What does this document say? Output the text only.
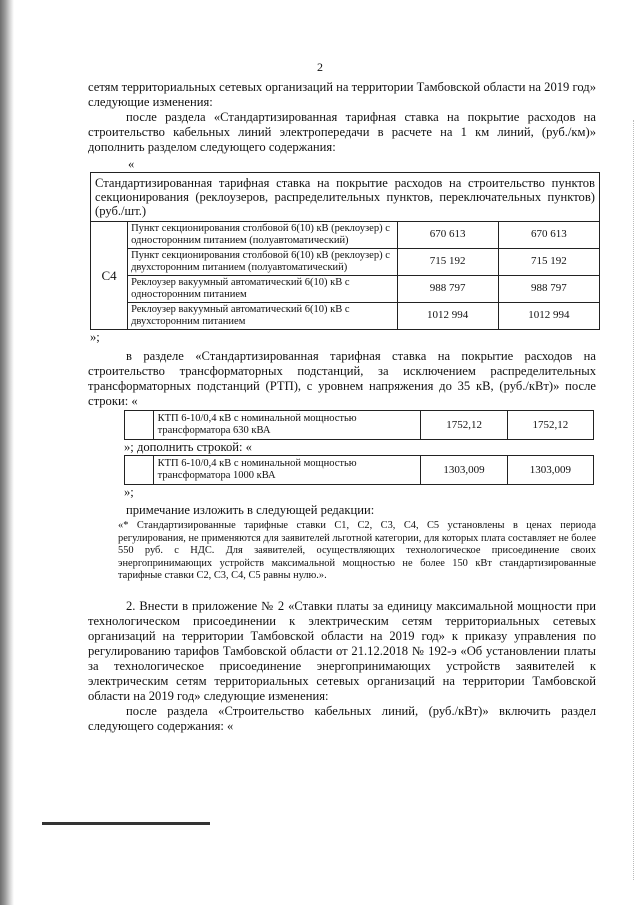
2

сетям территориальных сетевых организаций на территории Тамбовской области на 2019 год» следующие изменения:

после раздела «Стандартизированная тарифная ставка на покрытие расходов на строительство кабельных линий электропередачи в расчете на 1 км линий, (руб./км)» дополнить разделом следующего содержания:

«
Стандартизированная тарифная ставка на покрытие расходов на строительство пунктов секционирования (реклоузеров, распределительных пунктов, переключательных пунктов) (руб./шт.)			
С4	Пункт секционирования столбовой 6(10) кВ (реклоузер) с односторонним питанием (полуавтоматический)	670 613	670 613
	Пункт секционирования столбовой 6(10) кВ (реклоузер) с двухсторонним питанием (полуавтоматический)	715 192	715 192
	Реклоузер вакуумный автоматический 6(10) кВ с односторонним питанием	988 797	988 797
	Реклоузер вакуумный автоматический 6(10) кВ с двухсторонним питанием	1012 994	1012 994
»;

в разделе «Стандартизированная тарифная ставка на покрытие расходов на строительство трансформаторных подстанций, за исключением распределительных трансформаторных подстанций (РТП), с уровнем напряжения до 35 кВ, (руб./кВт)» после строки: «

	КТП 6-10/0,4 кВ с номинальной мощностью трансформатора 630 кВА	1752,12	1752,12
»; дополнить строкой: «
	КТП 6-10/0,4 кВ с номинальной мощностью трансформатора 1000 кВА	1303,009	1303,009
»;

примечание изложить в следующей редакции:

«* Стандартизированные тарифные ставки С1, С2, С3, С4, С5 установлены в ценах периода регулирования, не применяются для заявителей льготной категории, для которых плата составляет не более 550 руб. с НДС. Для заявителей, осуществляющих технологическое присоединение своих энергопринимающих устройств максимальной мощностью не более 150 кВт стандартизированные тарифные ставки С2, С3, С4, С5 равны нулю.».

2. Внести в приложение № 2 «Ставки платы за единицу максимальной мощности при технологическом присоединении к электрическим сетям территориальных сетевых организаций на территории Тамбовской области на 2019 год» к приказу управления по регулированию тарифов Тамбовской области от 21.12.2018 № 192-э «Об установлении платы за технологическое присоединение энергопринимающих устройств заявителей к электрическим сетям территориальных сетевых организаций на территории Тамбовской области на 2019 год» следующие изменения:

после раздела «Строительство кабельных линий, (руб./кВт)» включить раздел следующего содержания: «
